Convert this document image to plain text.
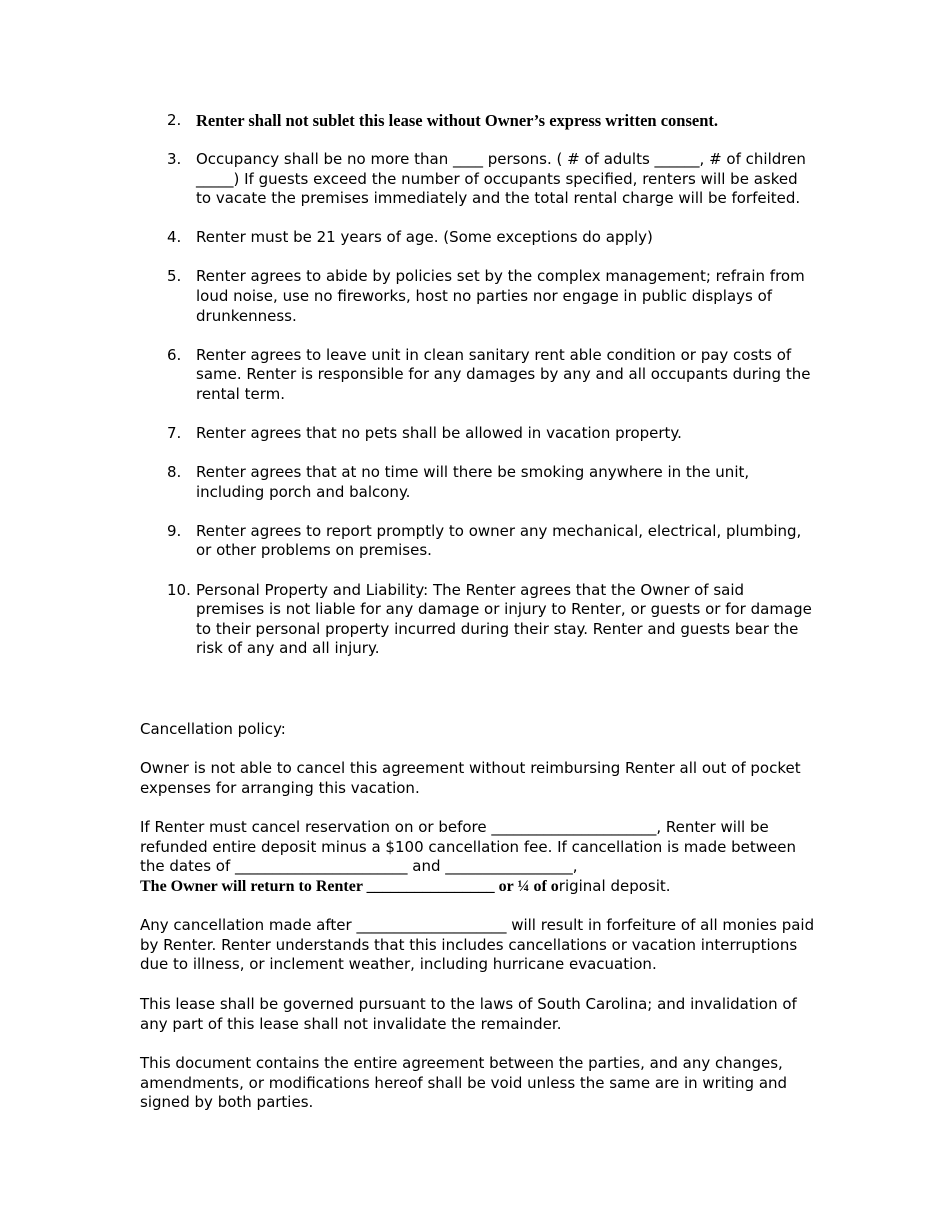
2. Renter shall not sublet this lease without Owner’s express written consent.
3. Occupancy shall be no more than ____ persons. ( # of adults ______, # of children _____) If guests exceed the number of occupants specified, renters will be asked to vacate the premises immediately and the total rental charge will be forfeited.
4. Renter must be 21 years of age. (Some exceptions do apply)
5. Renter agrees to abide by policies set by the complex management; refrain from loud noise, use no fireworks, host no parties nor engage in public displays of drunkenness.
6. Renter agrees to leave unit in clean sanitary rent able condition or pay costs of same. Renter is responsible for any damages by any and all occupants during the rental term.
7. Renter agrees that no pets shall be allowed in vacation property.
8. Renter agrees that at no time will there be smoking anywhere in the unit, including porch and balcony.
9. Renter agrees to report promptly to owner any mechanical, electrical, plumbing, or other problems on premises.
10. Personal Property and Liability: The Renter agrees that the Owner of said premises is not liable for any damage or injury to Renter, or guests or for damage to their personal property incurred during their stay. Renter and guests bear the risk of any and all injury.

Cancellation policy:

Owner is not able to cancel this agreement without reimbursing Renter all out of pocket expenses for arranging this vacation.

If Renter must cancel reservation on or before ______________________, Renter will be refunded entire deposit minus a $100 cancellation fee. If cancellation is made between the dates of _______________________ and _________________,

The Owner will return to Renter ________________ or ¼ of original deposit.

Any cancellation made after ____________________ will result in forfeiture of all monies paid by Renter. Renter understands that this includes cancellations or vacation interruptions due to illness, or inclement weather, including hurricane evacuation.

This lease shall be governed pursuant to the laws of South Carolina; and invalidation of any part of this lease shall not invalidate the remainder.

This document contains the entire agreement between the parties, and any changes, amendments, or modifications hereof shall be void unless the same are in writing and signed by both parties.
